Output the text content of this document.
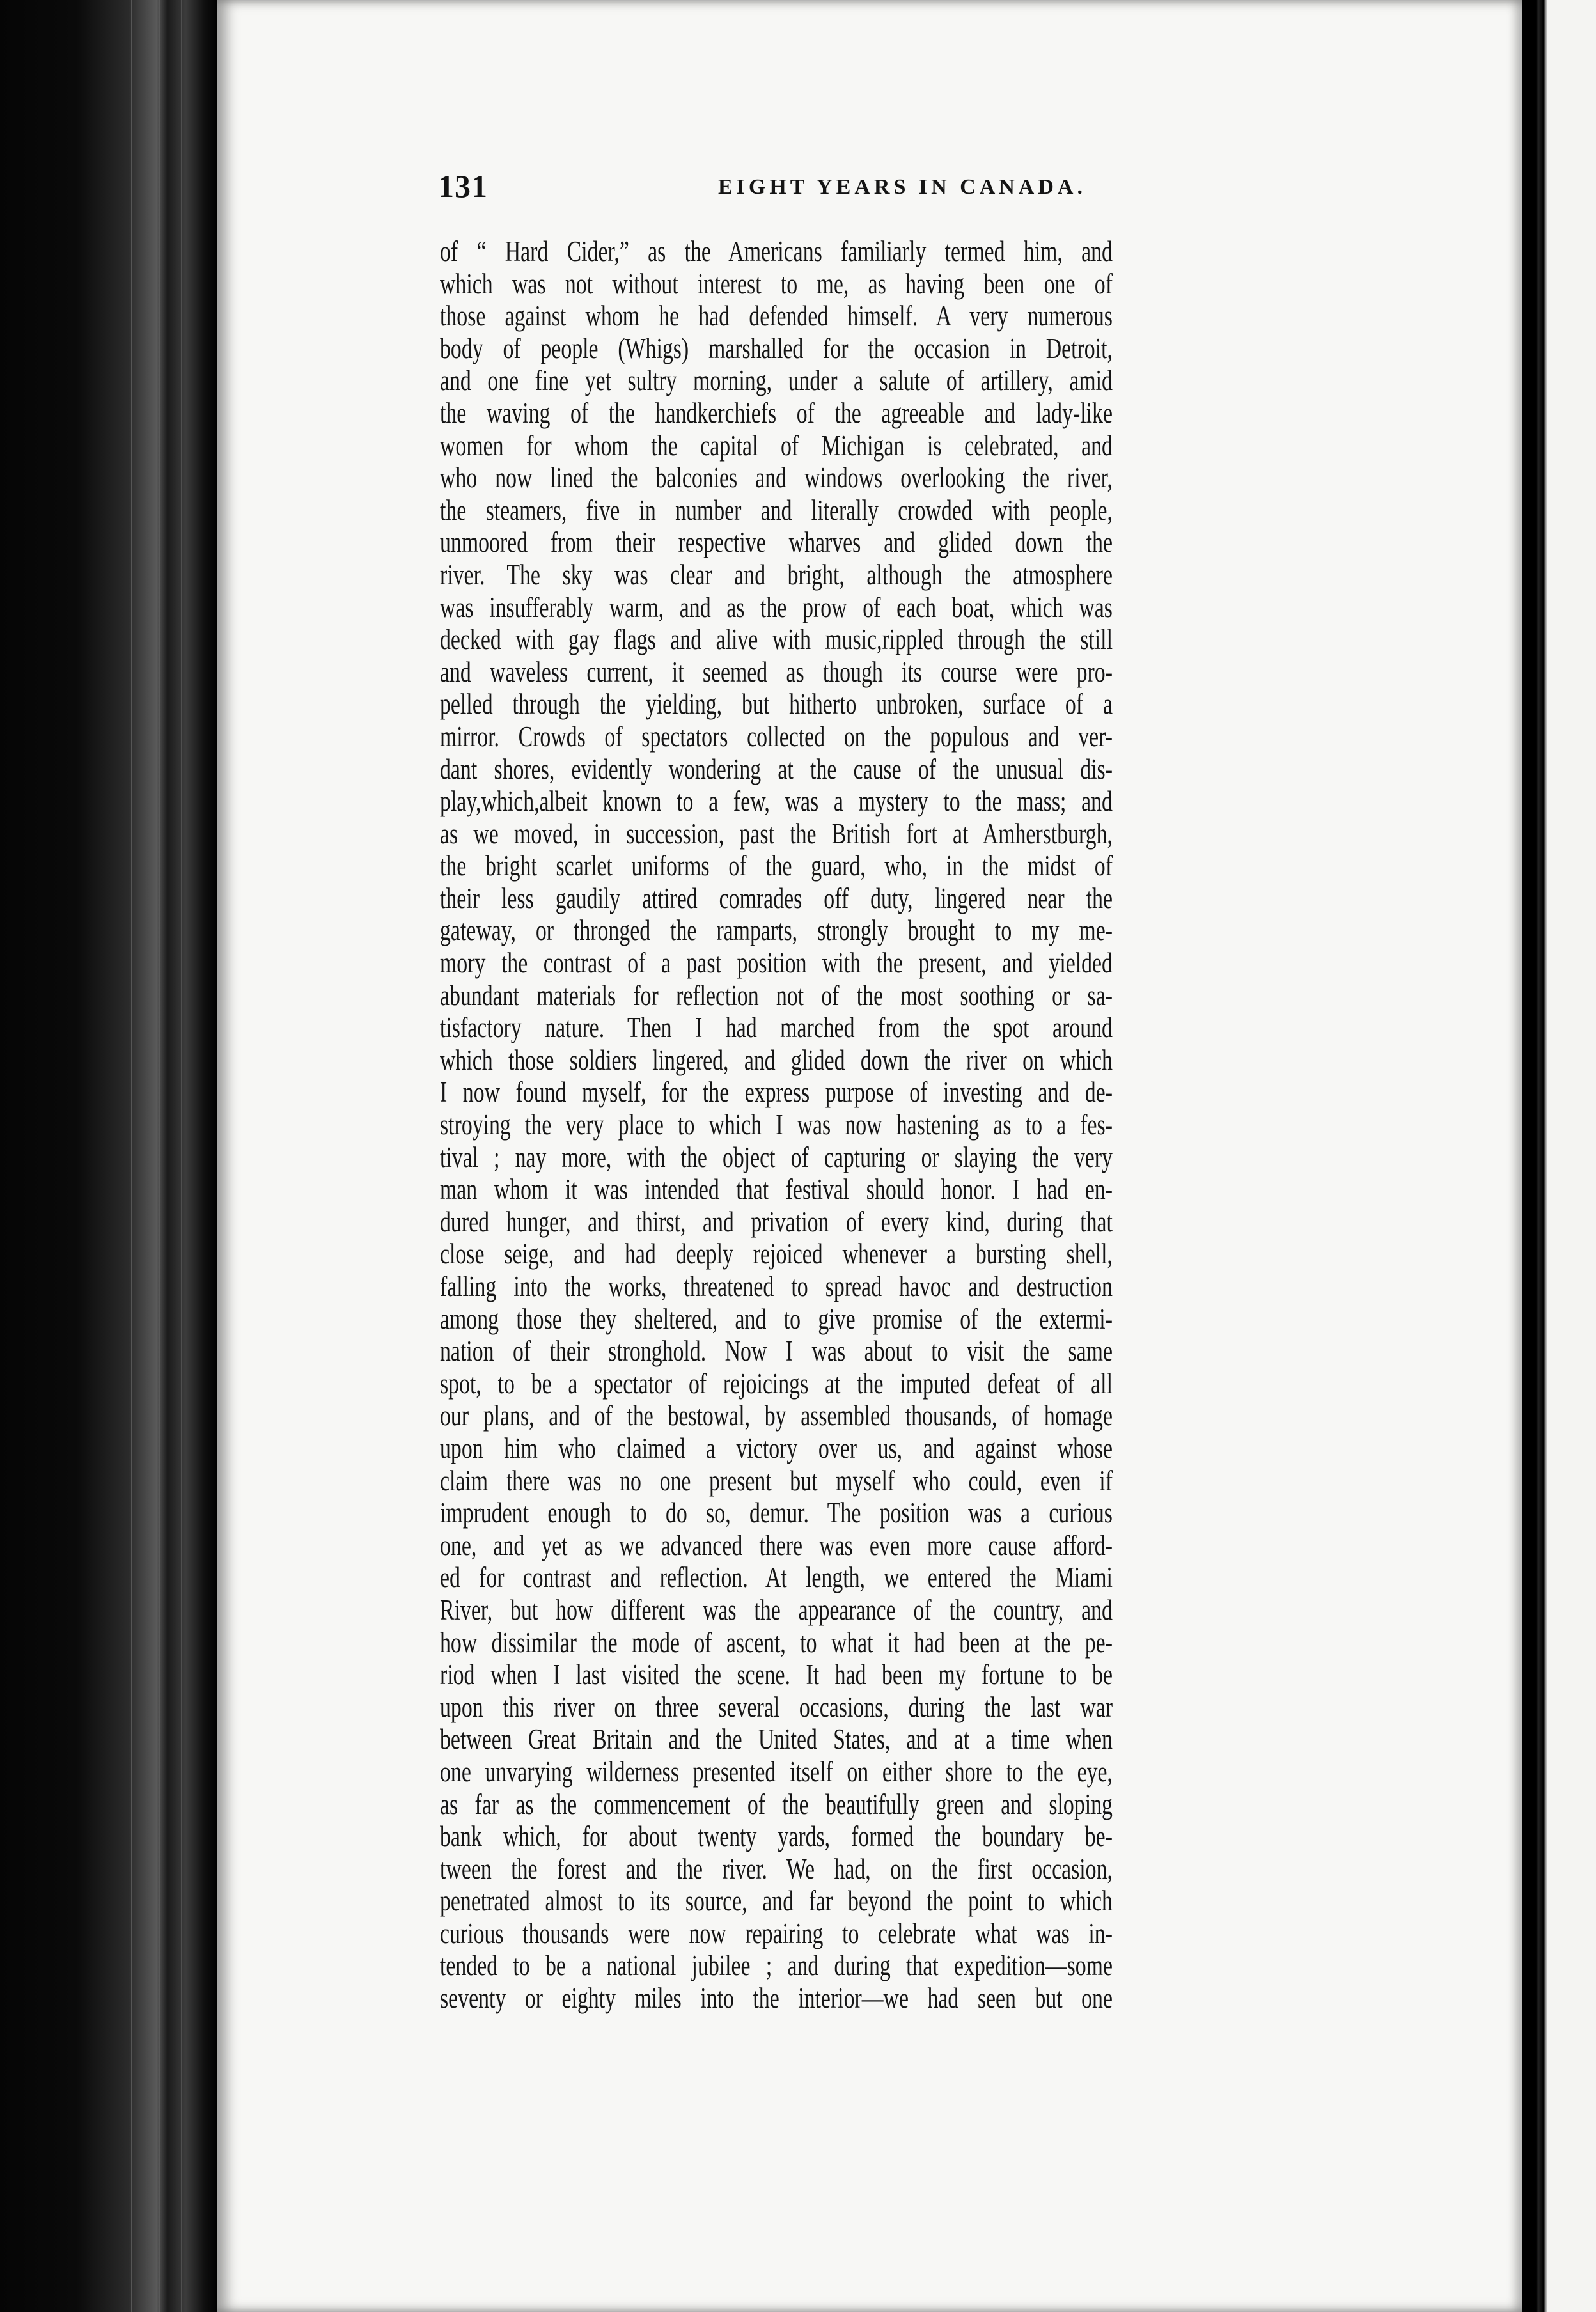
131	EIGHT YEARS IN CANADA.
of “ Hard Cider,” as the Americans familiarly termed him, and
which was not without interest to me, as having been one of
those against whom he had defended himself. A very numerous
body of people (Whigs) marshalled for the occasion in Detroit,
and one fine yet sultry morning, under a salute of artillery, amid
the waving of the handkerchiefs of the agreeable and lady-like
women for whom the capital of Michigan is celebrated, and
who now lined the balconies and windows overlooking the river,
the steamers, five in number and literally crowded with people,
unmoored from their respective wharves and glided down the
river. The sky was clear and bright, although the atmosphere
was insufferably warm, and as the prow of each boat, which was
decked with gay flags and alive with music,rippled through the still
and waveless current, it seemed as though its course were pro-
pelled through the yielding, but hitherto unbroken, surface of a
mirror. Crowds of spectators collected on the populous and ver-
dant shores, evidently wondering at the cause of the unusual dis-
play,which,albeit known to a few, was a mystery to the mass; and
as we moved, in succession, past the British fort at Amherstburgh,
the bright scarlet uniforms of the guard, who, in the midst of
their less gaudily attired comrades off duty, lingered near the
gateway, or thronged the ramparts, strongly brought to my me-
mory the contrast of a past position with the present, and yielded
abundant materials for reflection not of the most soothing or sa-
tisfactory nature. Then I had marched from the spot around
which those soldiers lingered, and glided down the river on which
I now found myself, for the express purpose of investing and de-
stroying the very place to which I was now hastening as to a fes-
tival ; nay more, with the object of capturing or slaying the very
man whom it was intended that festival should honor. I had en-
dured hunger, and thirst, and privation of every kind, during that
close seige, and had deeply rejoiced whenever a bursting shell,
falling into the works, threatened to spread havoc and destruction
among those they sheltered, and to give promise of the extermi-
nation of their stronghold. Now I was about to visit the same
spot, to be a spectator of rejoicings at the imputed defeat of all
our plans, and of the bestowal, by assembled thousands, of homage
upon him who claimed a victory over us, and against whose
claim there was no one present but myself who could, even if
imprudent enough to do so, demur. The position was a curious
one, and yet as we advanced there was even more cause afford-
ed for contrast and reflection. At length, we entered the Miami
River, but how different was the appearance of the country, and
how dissimilar the mode of ascent, to what it had been at the pe-
riod when I last visited the scene. It had been my fortune to be
upon this river on three several occasions, during the last war
between Great Britain and the United States, and at a time when
one unvarying wilderness presented itself on either shore to the eye,
as far as the commencement of the beautifully green and sloping
bank which, for about twenty yards, formed the boundary be-
tween the forest and the river. We had, on the first occasion,
penetrated almost to its source, and far beyond the point to which
curious thousands were now repairing to celebrate what was in-
tended to be a national jubilee ; and during that expedition—some
seventy or eighty miles into the interior—we had seen but one
